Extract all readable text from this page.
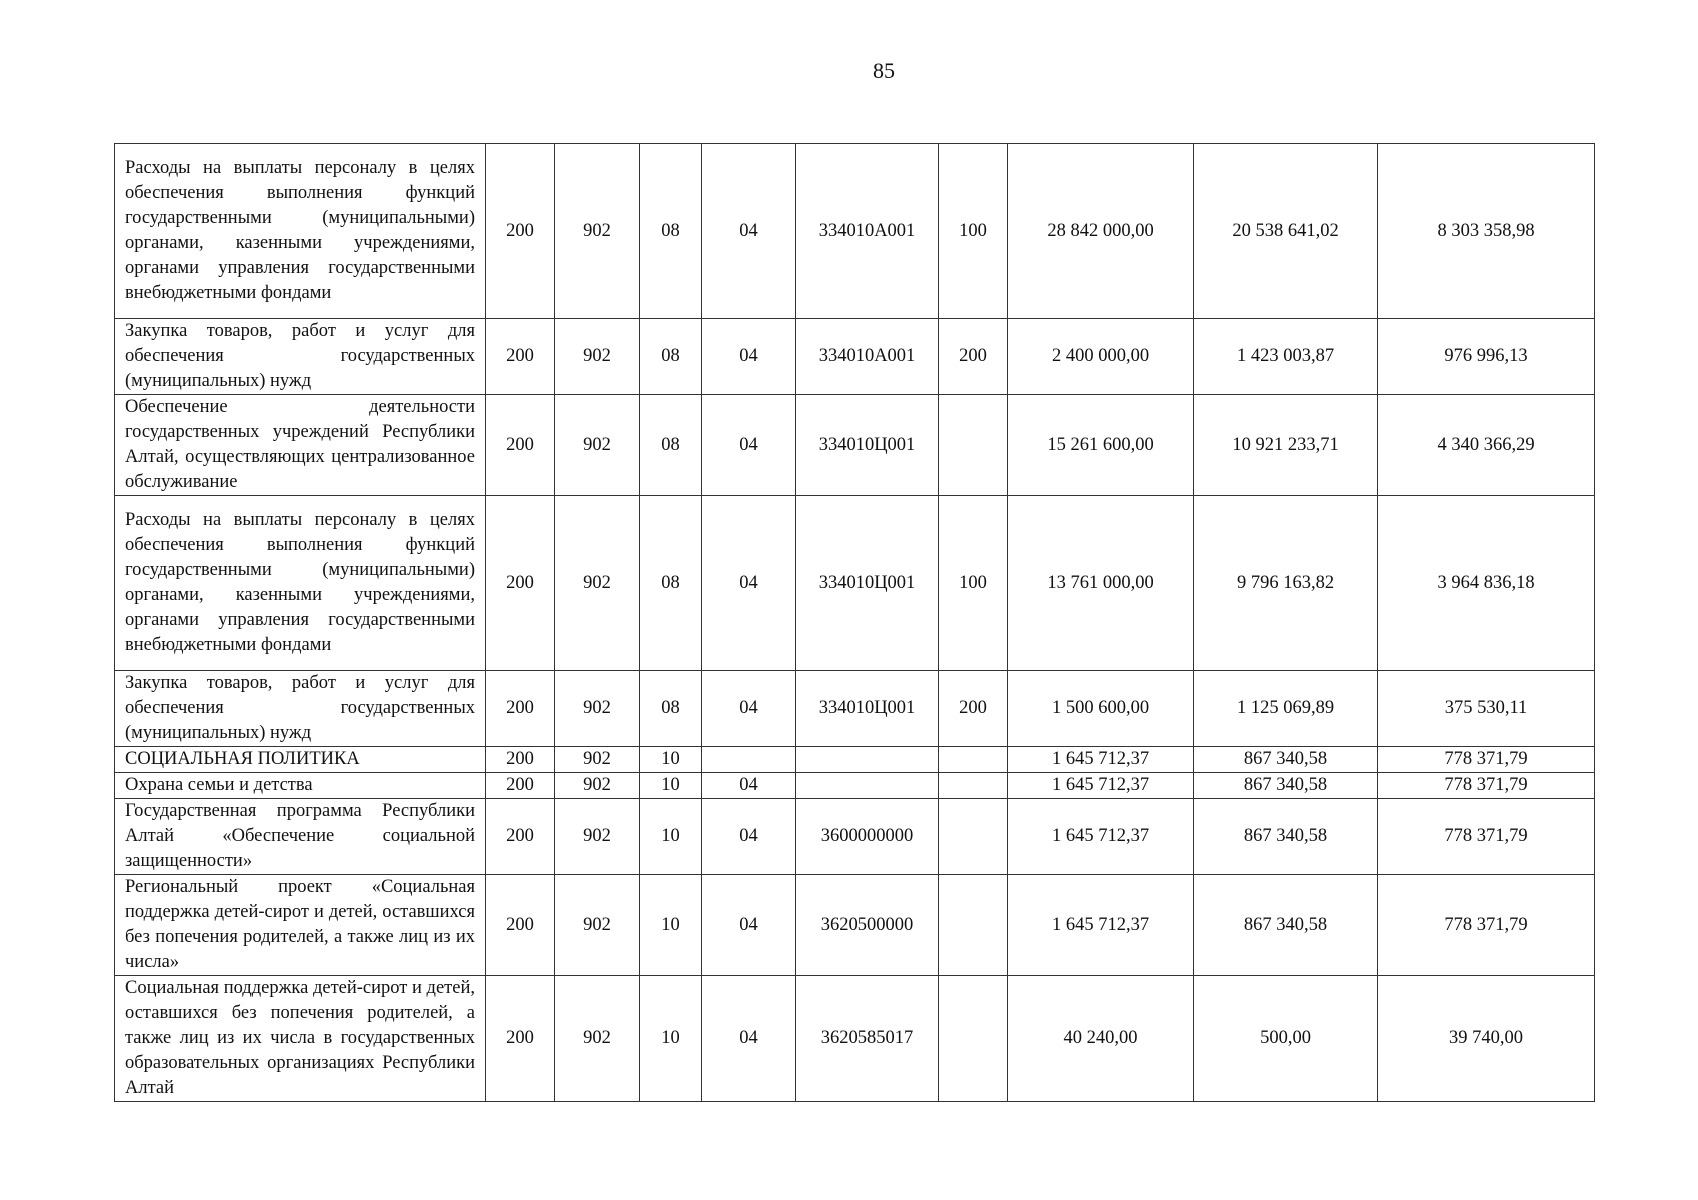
85
Расходы на выплаты персоналу в целях обеспечения выполнения функций государственными (муниципальными) органами, казенными учреждениями, органами управления государственными внебюджетными фондами	200	902	08	04	334010А001	100	28 842 000,00	20 538 641,02	8 303 358,98
Закупка товаров, работ и услуг для обеспечения государственных (муниципальных) нужд	200	902	08	04	334010А001	200	2 400 000,00	1 423 003,87	976 996,13
Обеспечение деятельности государственных учреждений Республики Алтай, осуществляющих централизованное обслуживание	200	902	08	04	334010Ц001		15 261 600,00	10 921 233,71	4 340 366,29
Расходы на выплаты персоналу в целях обеспечения выполнения функций государственными (муниципальными) органами, казенными учреждениями, органами управления государственными внебюджетными фондами	200	902	08	04	334010Ц001	100	13 761 000,00	9 796 163,82	3 964 836,18
Закупка товаров, работ и услуг для обеспечения государственных (муниципальных) нужд	200	902	08	04	334010Ц001	200	1 500 600,00	1 125 069,89	375 530,11
СОЦИАЛЬНАЯ ПОЛИТИКА	200	902	10				1 645 712,37	867 340,58	778 371,79
Охрана семьи и детства	200	902	10	04			1 645 712,37	867 340,58	778 371,79
Государственная программа Республики Алтай «Обеспечение социальной защищенности»	200	902	10	04	3600000000		1 645 712,37	867 340,58	778 371,79
Региональный проект «Социальная поддержка детей-сирот и детей, оставшихся без попечения родителей, а также лиц из их числа»	200	902	10	04	3620500000		1 645 712,37	867 340,58	778 371,79
Социальная поддержка детей-сирот и детей, оставшихся без попечения родителей, а также лиц из их числа в государственных образовательных организациях Республики Алтай	200	902	10	04	3620585017		40 240,00	500,00	39 740,00
